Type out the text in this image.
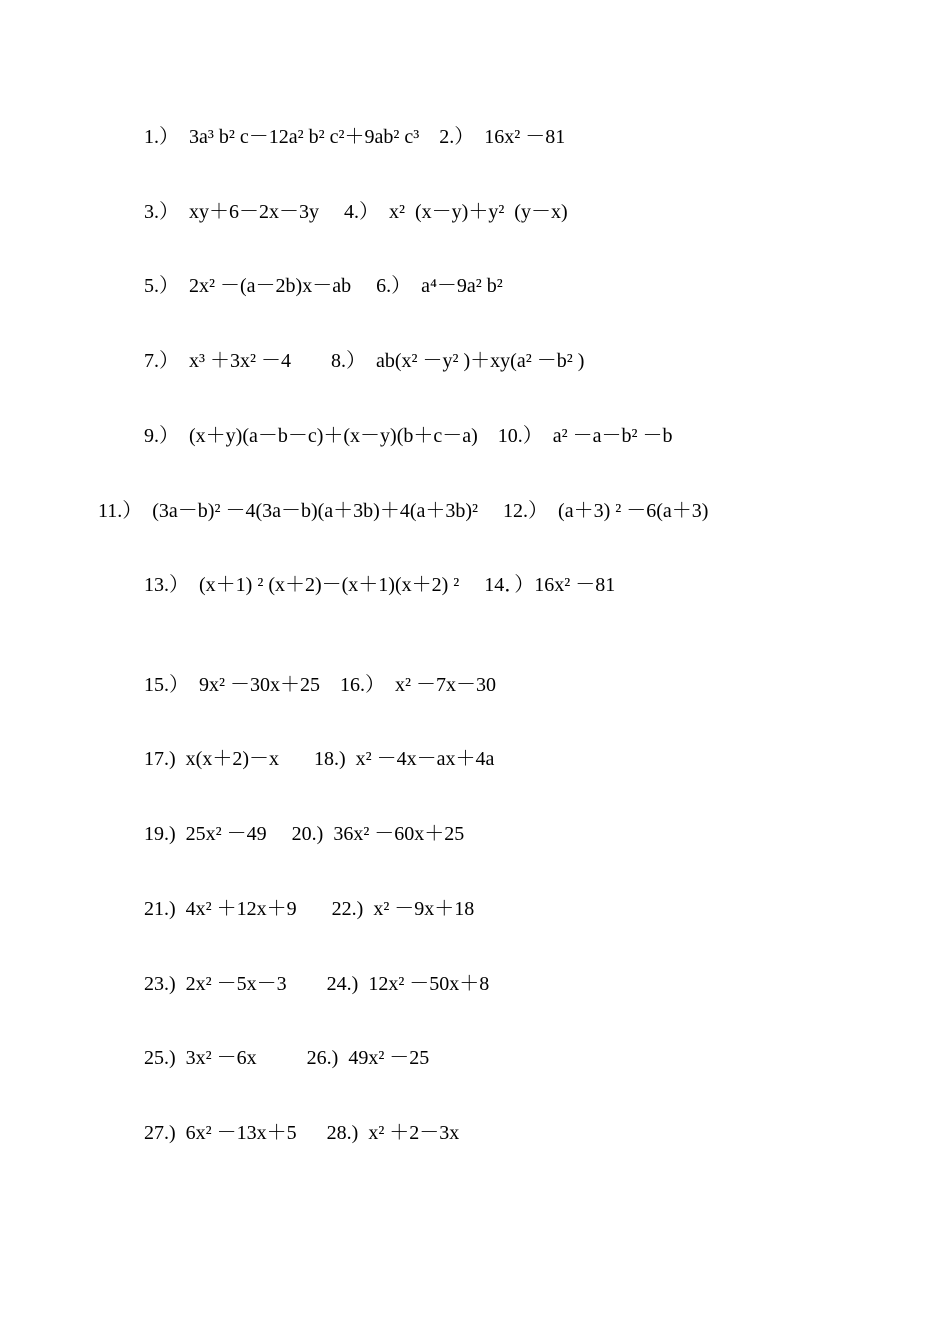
1.）  3a³ b² c－12a² b² c²＋9ab² c³    2.）  16x² －81
3.）  xy＋6－2x－3y     4.）  x²  (x－y)＋y²  (y－x)
5.）  2x² －(a－2b)x－ab     6.）  a⁴－9a² b²
7.）  x³ ＋3x² －4        8.）  ab(x² －y² )＋xy(a² －b² )
9.）  (x＋y)(a－b－c)＋(x－y)(b＋c－a)    10.）  a² －a－b² －b
11.）  (3a－b)² －4(3a－b)(a＋3b)＋4(a＋3b)²     12.）  (a＋3) ² －6(a＋3)
13.）  (x＋1) ² (x＋2)－(x＋1)(x＋2) ²     14．）16x² －81
15.）  9x² －30x＋25    16.）  x² －7x－30
17.)  x(x＋2)－x       18.)  x² －4x－ax＋4a
19.)  25x² －49     20.)  36x² －60x＋25
21.)  4x² ＋12x＋9       22.)  x² －9x＋18
23.)  2x² －5x－3        24.)  12x² －50x＋8
25.)  3x² －6x          26.)  49x² －25
27.)  6x² －13x＋5      28.)  x² ＋2－3x
